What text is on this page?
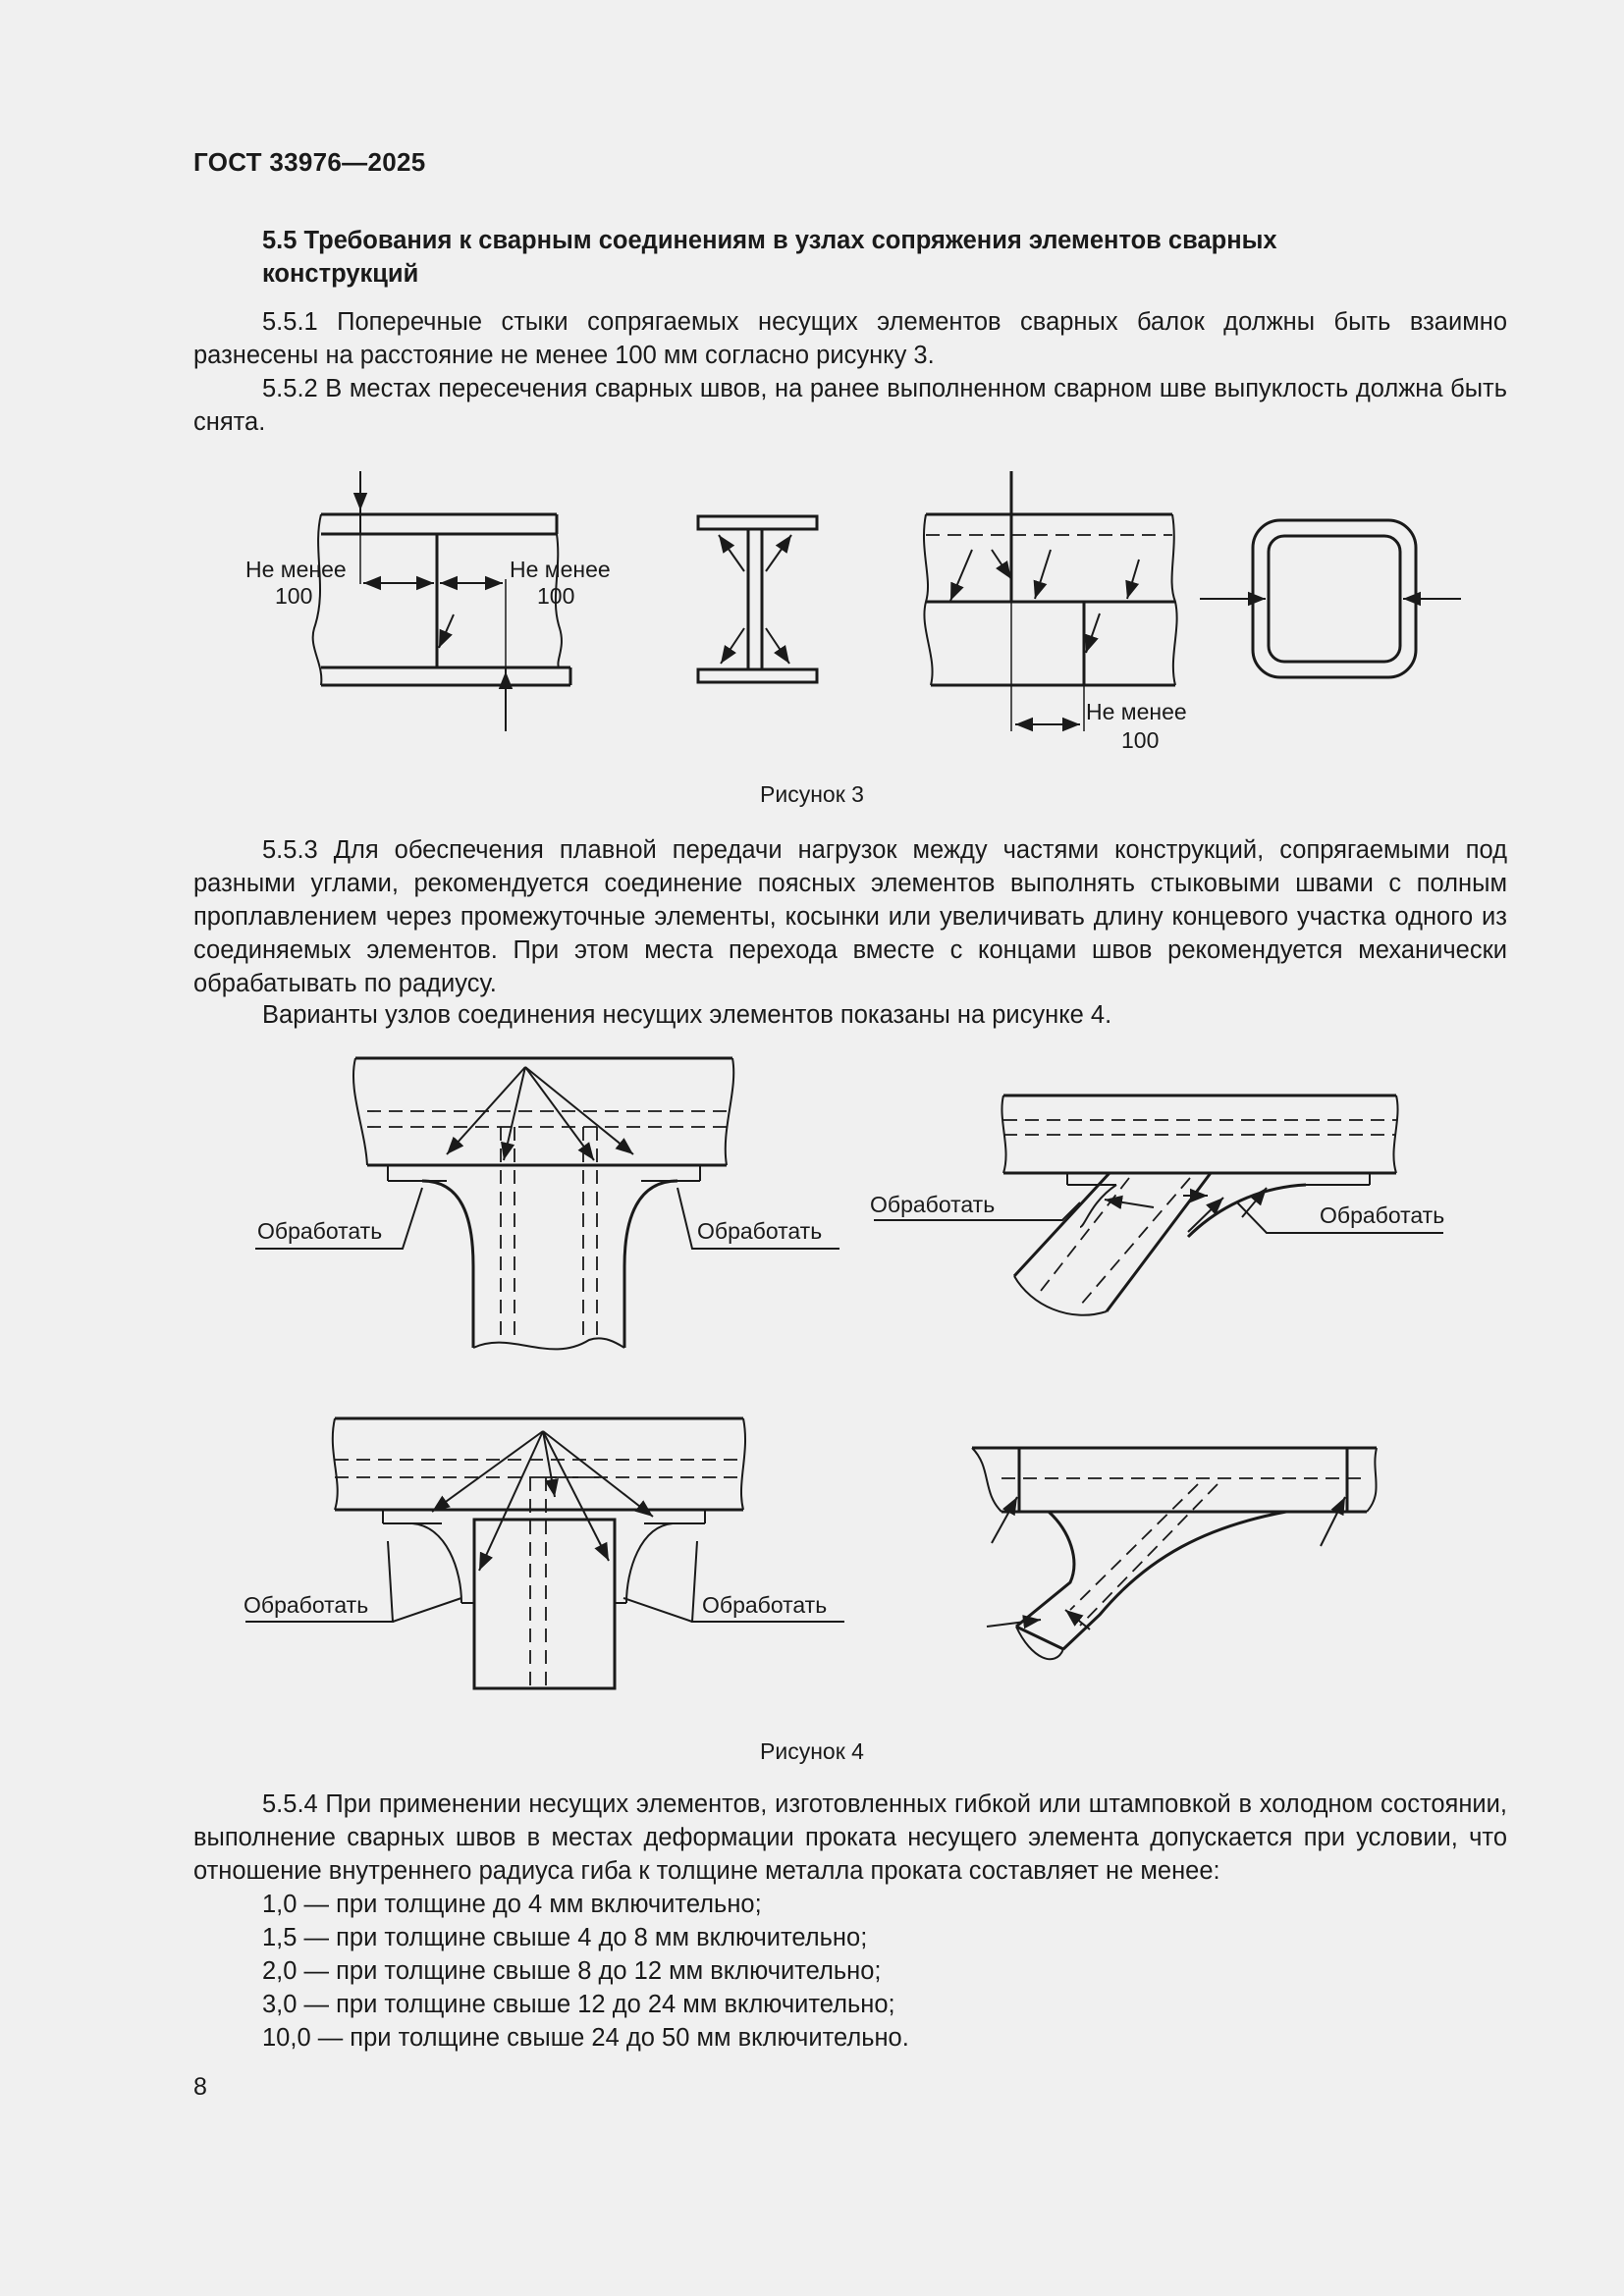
ГОСТ 33976—2025
5.5 Требования к сварным соединениям в узлах сопряжения элементов сварных
конструкций

5.5.1 Поперечные стыки сопрягаемых несущих элементов сварных балок должны быть взаимно разнесены на расстояние не менее 100 мм согласно рисунку 3.

5.5.2 В местах пересечения сварных швов, на ранее выполненном сварном шве выпуклость должна быть снята.

Не менее
100
Не менее
100
Не менее
100
Рисунок 3

5.5.3 Для обеспечения плавной передачи нагрузок между частями конструкций, сопрягаемыми под разными углами, рекомендуется соединение поясных элементов выполнять стыковыми швами с полным проплавлением через промежуточные элементы, косынки или увеличивать длину концевого участка одного из соединяемых элементов. При этом места перехода вместе с концами швов рекомендуется механически обрабатывать по радиусу.

Варианты узлов соединения несущих элементов показаны на рисунке 4.

Обработать	Обработать
Обработать	Обработать
Обработать	Обработать
Рисунок 4

5.5.4 При применении несущих элементов, изготовленных гибкой или штамповкой в холодном состоянии, выполнение сварных швов в местах деформации проката несущего элемента допускается при условии, что отношение внутреннего радиуса гиба к толщине металла проката составляет не менее:

1,0 — при толщине до 4 мм включительно;
1,5 — при толщине свыше 4 до 8 мм включительно;
2,0 — при толщине свыше 8 до 12 мм включительно;
3,0 — при толщине свыше 12 до 24 мм включительно;
10,0 — при толщине свыше 24 до 50 мм включительно.
8
